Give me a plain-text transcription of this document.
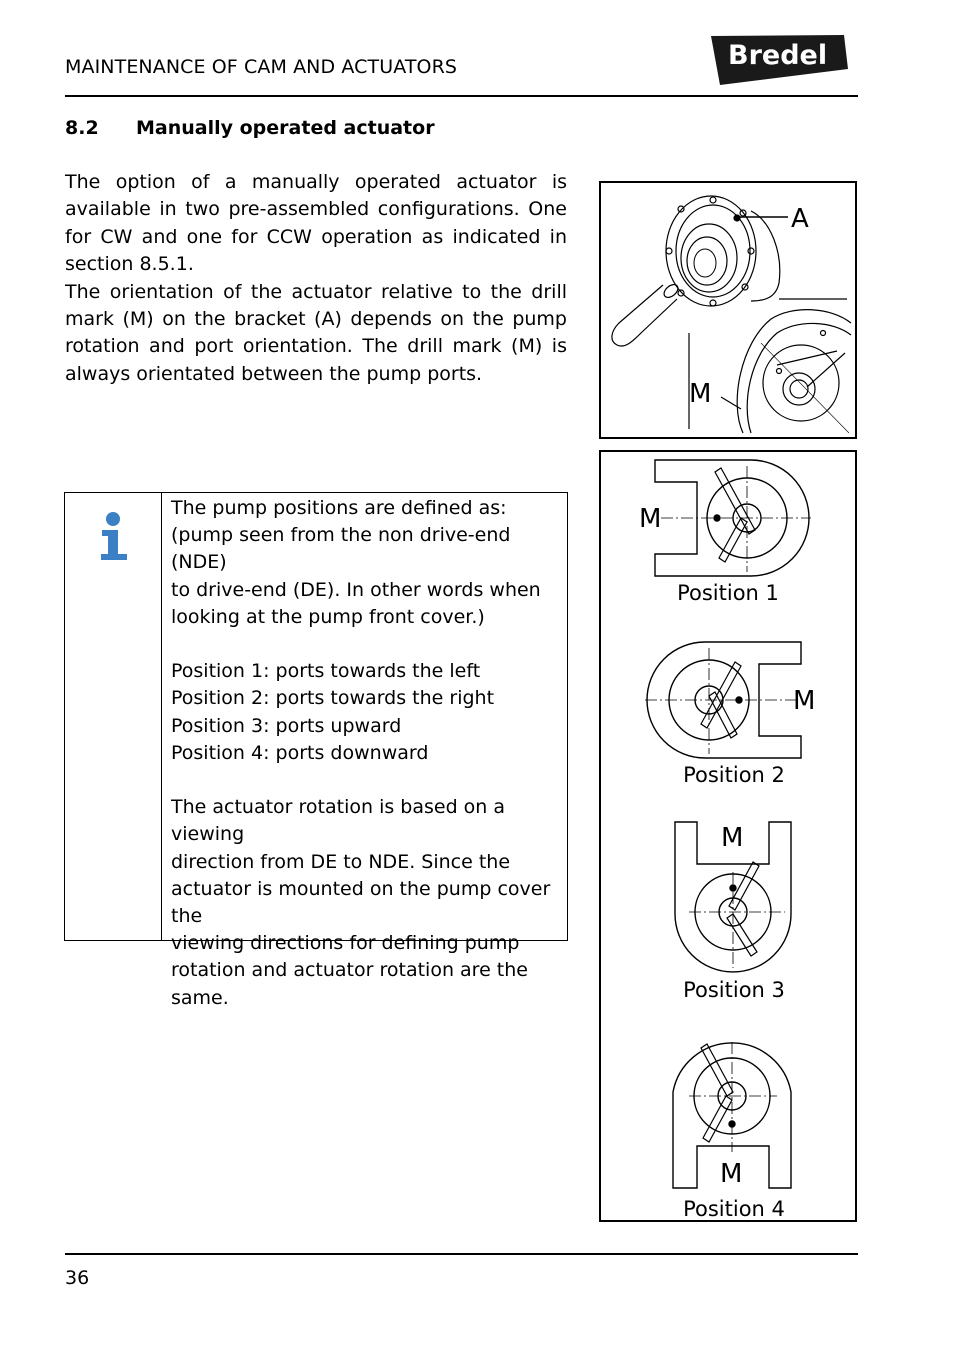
MAINTENANCE OF CAM AND ACTUATORS	Bredel
8.2 Manually operated actuator

The option of a manually operated actuator is available in two pre-assembled configurations. One for CW and one for CCW operation as indicated in section 8.5.1.

The orientation of the actuator relative to the drill mark (M) on the bracket (A) depends on the pump rotation and port orientation. The drill mark (M) is always orientated between the pump ports.

The pump positions are defined as:

(pump seen from the non drive-end (NDE)

to drive-end (DE). In other words when

looking at the pump front cover.)

Position 1: ports towards the left

Position 2: ports towards the right

Position 3: ports upward

Position 4: ports downward

The actuator rotation is based on a viewing

direction from DE to NDE. Since the

actuator is mounted on the pump cover the

viewing directions for defining pump

rotation and actuator rotation are the

same.

A
M
M
Position 1
M
Position 2
M
Position 3
M
Position 4
36
